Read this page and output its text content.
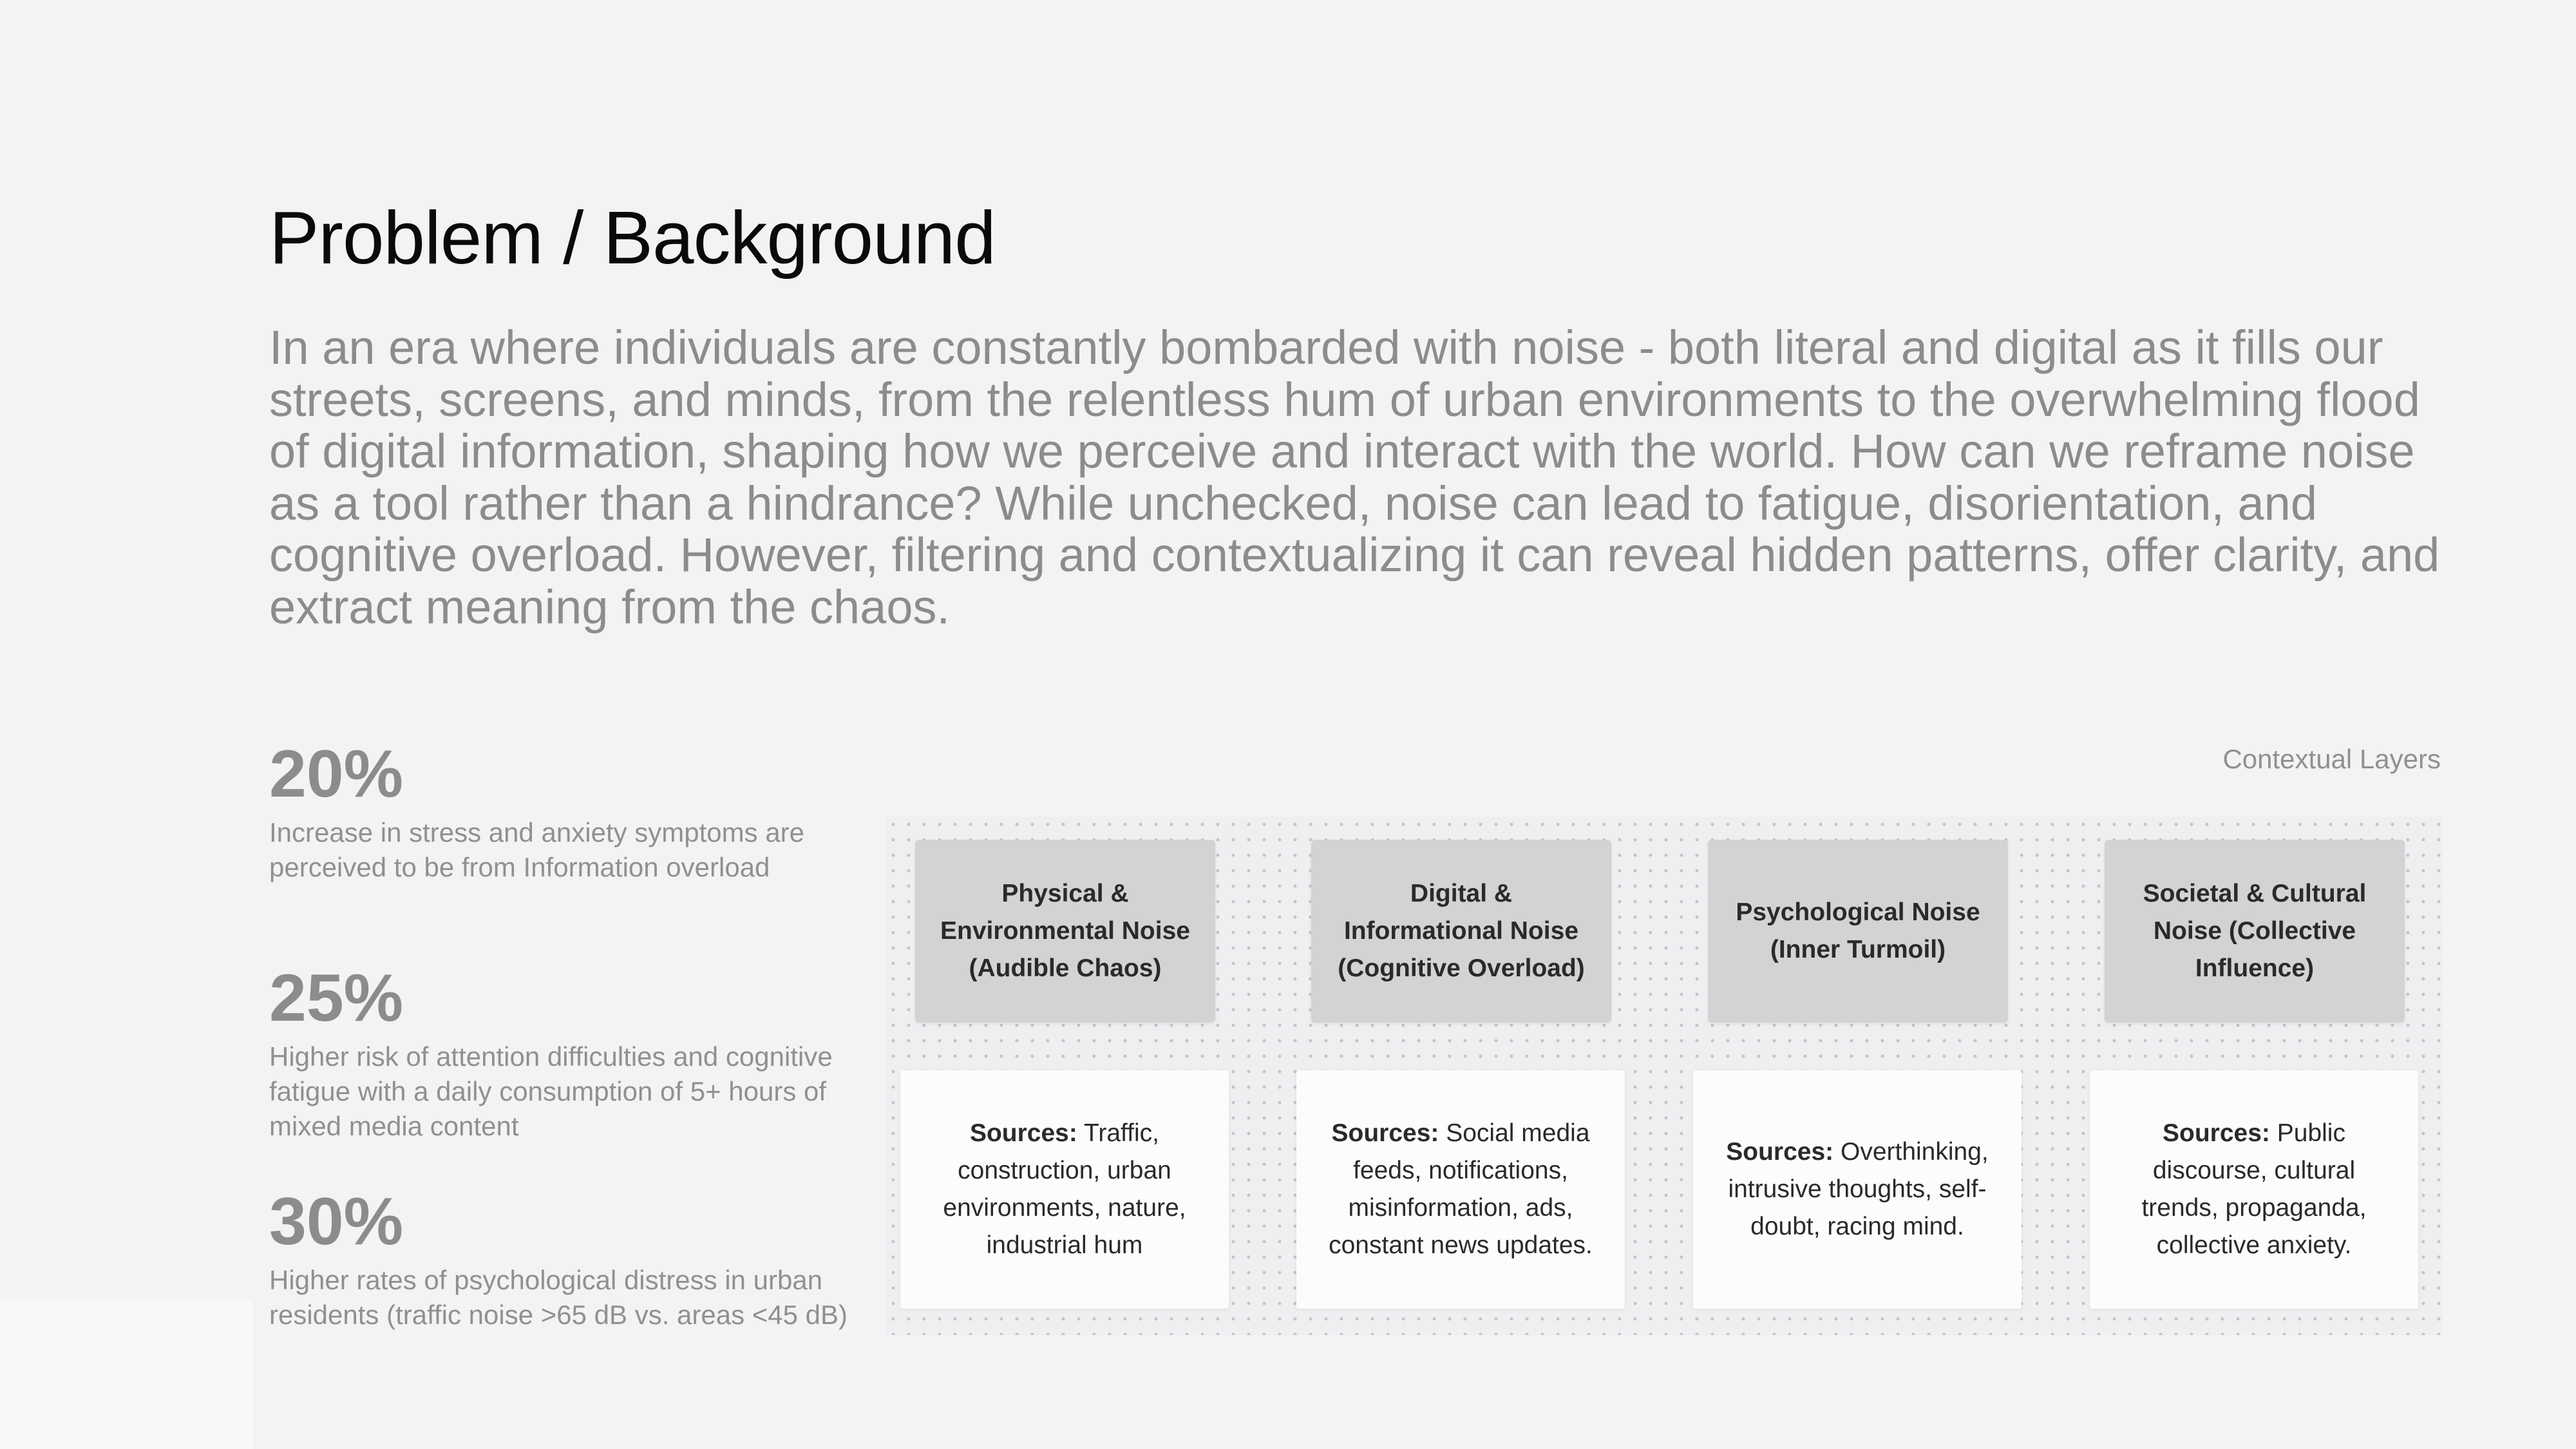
Problem / Background

In an era where individuals are constantly bombarded with noise - both literal and digital as it fills our streets, screens, and minds, from the relentless hum of urban environments to the overwhelming flood of digital information, shaping how we perceive and interact with the world. How can we reframe noise as a tool rather than a hindrance? While unchecked, noise can lead to fatigue, disorientation, and cognitive overload. However, filtering and contextualizing it can reveal hidden patterns, offer clarity, and extract meaning from the chaos.

20%

Increase in stress and anxiety symptoms are perceived to be from Information overload

25%

Higher risk of attention difficulties and cognitive fatigue with a daily consumption of 5+ hours of mixed media content

30%

Higher rates of psychological distress in urban residents (traffic noise >65 dB vs. areas <45 dB)

Contextual Layers

Physical & Environmental Noise (Audible Chaos)
Sources: Traffic, construction, urban environments, nature, industrial hum
Digital & Informational Noise (Cognitive Overload)
Sources: Social media feeds, notifications, misinformation, ads, constant news updates.
Psychological Noise (Inner Turmoil)
Sources: Overthinking, intrusive thoughts, self-doubt, racing mind.
Societal & Cultural Noise (Collective Influence)
Sources: Public discourse, cultural trends, propaganda, collective anxiety.
